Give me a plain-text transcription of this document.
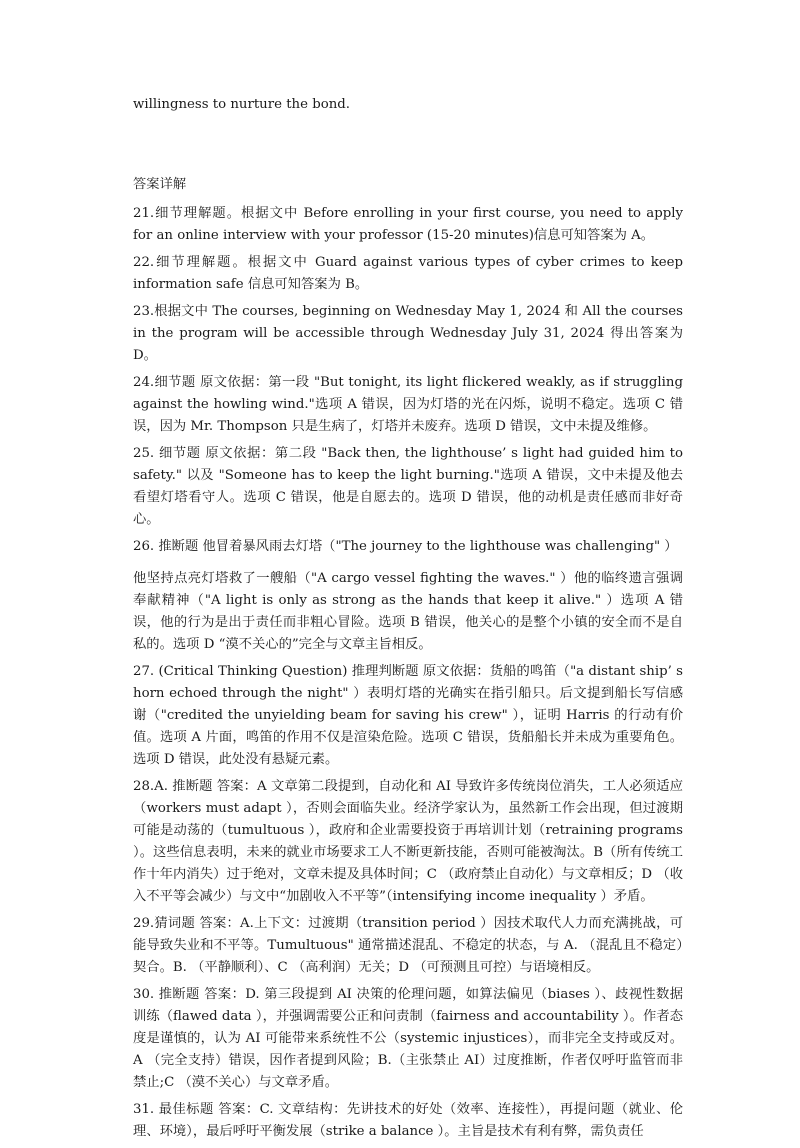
willingness to nurture the bond.

答案详解

21.细节理解题。根据文中 Before enrolling in your first course, you need to apply for an online interview with your professor (15-20 minutes)信息可知答案为 A。

22.细节理解题。根据文中 Guard against various types of cyber crimes to keep information safe 信息可知答案为 B。

23.根据文中 The courses, beginning on Wednesday May 1, 2024 和 All the courses in the program will be accessible through Wednesday July 31, 2024 得出答案为 D。

24.细节题 原文依据：第一段 "But tonight, its light flickered weakly, as if struggling against the howling wind."选项 A 错误，因为灯塔的光在闪烁，说明不稳定。选项 C 错误，因为 Mr. Thompson 只是生病了，灯塔并未废弃。选项 D 错误，文中未提及维修。

25. 细节题 原文依据：第二段 "Back then, the lighthouse’ s light had guided him to safety." 以及 "Someone has to keep the light burning."选项 A 错误，文中未提及他去看望灯塔看守人。选项 C 错误，他是自愿去的。选项 D 错误，他的动机是责任感而非好奇心。

26. 推断题 他冒着暴风雨去灯塔（"The journey to the lighthouse was challenging" ）

他坚持点亮灯塔救了一艘船（"A cargo vessel fighting the waves." ）他的临终遗言强调奉献精神（"A light is only as strong as the hands that keep it alive." ）选项 A 错误，他的行为是出于责任而非粗心冒险。选项 B 错误，他关心的是整个小镇的安全而不是自私的。选项 D “漠不关心的”完全与文章主旨相反。

27. (Critical Thinking Question) 推理判断题 原文依据：货船的鸣笛（"a distant ship’ s horn echoed through the night" ）表明灯塔的光确实在指引船只。后文提到船长写信感谢（"credited the unyielding beam for saving his crew" ），证明 Harris 的行动有价值。选项 A 片面，鸣笛的作用不仅是渲染危险。选项 C 错误，货船船长并未成为重要角色。选项 D 错误，此处没有悬疑元素。

28.A. 推断题 答案：A 文章第二段提到，自动化和 AI 导致许多传统岗位消失，工人必须适应（workers must adapt ），否则会面临失业。经济学家认为，虽然新工作会出现，但过渡期可能是动荡的（tumultuous ），政府和企业需要投资于再培训计划（retraining programs ）。这些信息表明，未来的就业市场要求工人不断更新技能，否则可能被淘汰。B（所有传统工作十年内消失）过于绝对，文章未提及具体时间；C （政府禁止自动化）与文章相反；D （收入不平等会减少）与文中“加剧收入不平等”（intensifying income inequality ）矛盾。

29.猜词题 答案：A.上下文：过渡期（transition period ）因技术取代人力而充满挑战，可能导致失业和不平等。Tumultuous" 通常描述混乱、不稳定的状态，与 A. （混乱且不稳定）契合。B. （平静顺利）、C （高利润）无关；D （可预测且可控）与语境相反。

30. 推断题 答案：D. 第三段提到 AI 决策的伦理问题，如算法偏见（biases ）、歧视性数据训练（flawed data ），并强调需要公正和问责制（fairness and accountability ）。作者态度是谨慎的，认为 AI 可能带来系统性不公（systemic injustices），而非完全支持或反对。A （完全支持）错误，因作者提到风险；B.（主张禁止 AI）过度推断，作者仅呼吁监管而非禁止;C （漠不关心）与文章矛盾。

31. 最佳标题 答案：C. 文章结构：先讲技术的好处（效率、连接性），再提问题（就业、伦理、环境），最后呼吁平衡发展（strike a balance ）。主旨是技术有利有弊，需负责任
